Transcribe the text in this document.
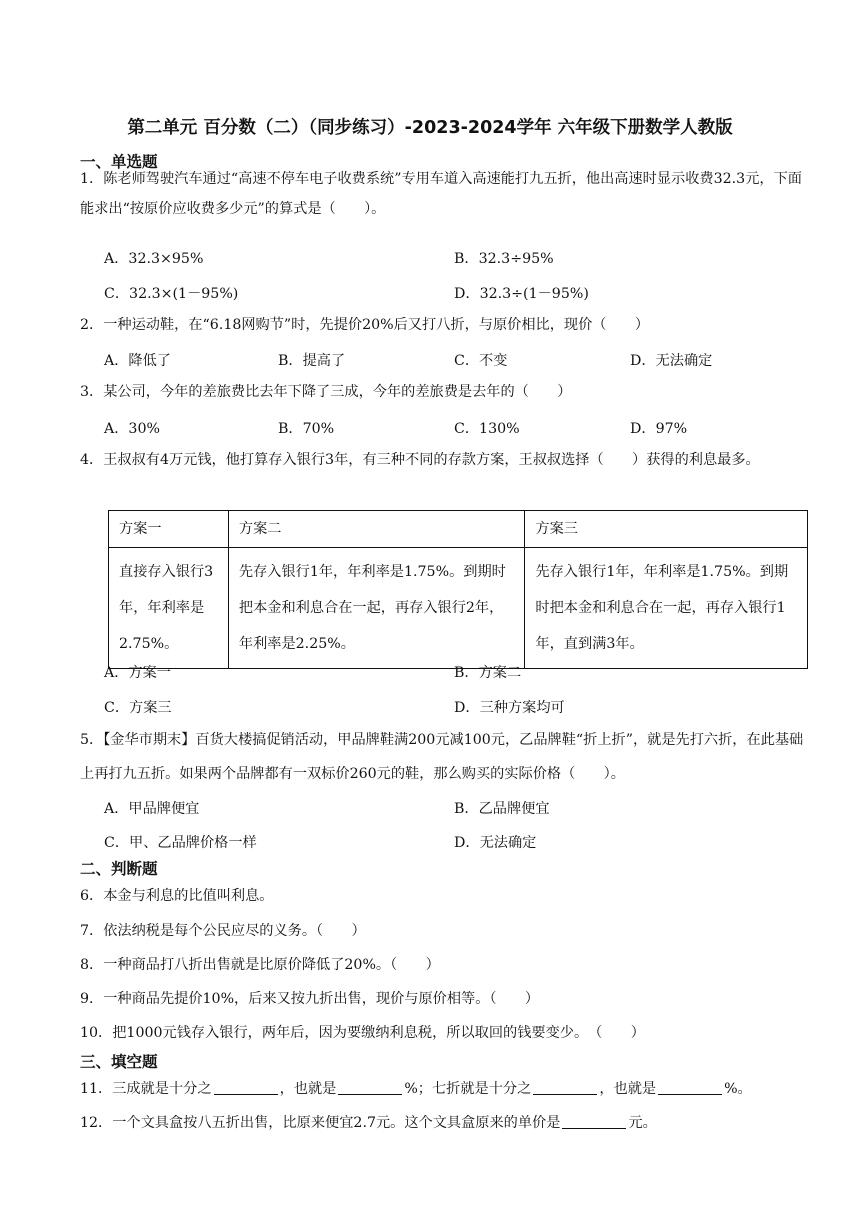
第二单元 百分数（二）（同步练习）-2023-2024学年 六年级下册数学人教版
一、单选题
1．陈老师驾驶汽车通过“高速不停车电子收费系统”专用车道入高速能打九五折，他出高速时显示收费32.3元，下面能求出“按原价应收费多少元”的算式是（　　）。
A．32.3×95%	B．32.3÷95%
C．32.3×(1－95%)	D．32.3÷(1－95%)
2．一种运动鞋，在“6.18网购节”时，先提价20%后又打八折，与原价相比，现价（　　）
A．降低了	B．提高了	C．不变	D．无法确定
3．某公司，今年的差旅费比去年下降了三成，今年的差旅费是去年的（　　）
A．30%	B．70%	C．130%	D．97%
4．王叔叔有4万元钱，他打算存入银行3年，有三种不同的存款方案，王叔叔选择（　　）获得的利息最多。
方案一	方案二	方案三
直接存入银行3年，年利率是2.75%。	先存入银行1年，年利率是1.75%。到期时把本金和利息合在一起，再存入银行2年，年利率是2.25%。	先存入银行1年，年利率是1.75%。到期时把本金和利息合在一起，再存入银行1年，直到满3年。
A．方案一	B．方案二
C．方案三	D．三种方案均可
5．【金华市期末】百货大楼搞促销活动，甲品牌鞋满200元减100元，乙品牌鞋“折上折”，就是先打六折，在此基础上再打九五折。如果两个品牌都有一双标价260元的鞋，那么购买的实际价格（　　）。
A．甲品牌便宜	B．乙品牌便宜
C．甲、乙品牌价格一样	D．无法确定
二、判断题
6．本金与利息的比值叫利息。
7．依法纳税是每个公民应尽的义务。（　　）
8．一种商品打八折出售就是比原价降低了20%。（　　）
9．一种商品先提价10%，后来又按九折出售，现价与原价相等。（　　）
10．把1000元钱存入银行，两年后，因为要缴纳利息税，所以取回的钱要变少。　（　　）
三、填空题
11．三成就是十分之	，也就是	%；七折就是十分之	，也就是	%。
12．一个文具盒按八五折出售，比原来便宜2.7元。这个文具盒原来的单价是	元。
